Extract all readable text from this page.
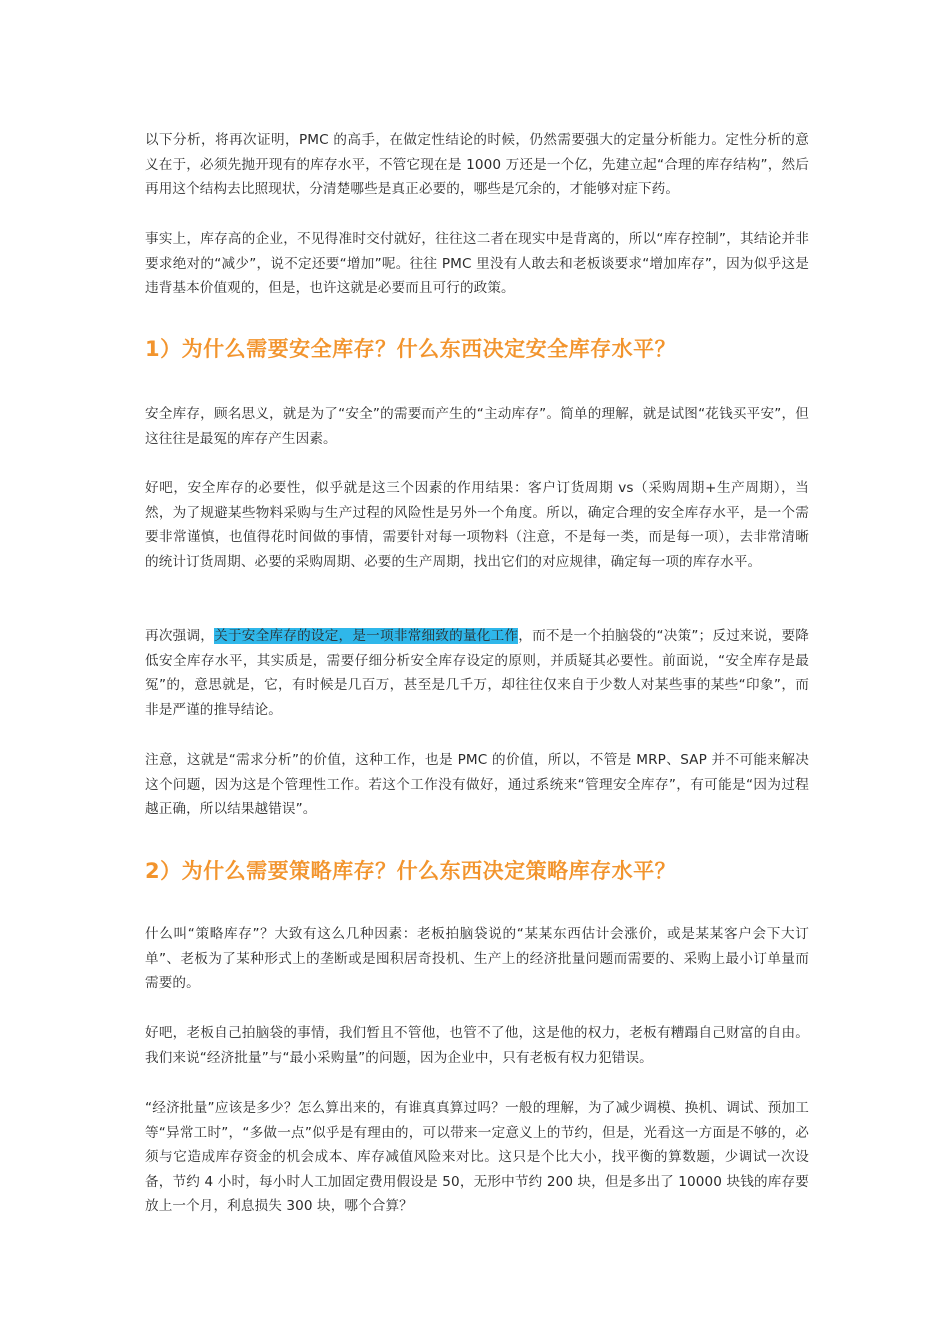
以下分析，将再次证明，PMC 的高手，在做定性结论的时候，仍然需要强大的定量分析能力。定性分析的意义在于，必须先抛开现有的库存水平，不管它现在是 1000 万还是一个亿，先建立起“合理的库存结构”，然后再用这个结构去比照现状，分清楚哪些是真正必要的，哪些是冗余的，才能够对症下药。

事实上，库存高的企业，不见得准时交付就好，往往这二者在现实中是背离的，所以“库存控制”，其结论并非要求绝对的“减少”，说不定还要“增加”呢。往往 PMC 里没有人敢去和老板谈要求“增加库存”，因为似乎这是违背基本价值观的，但是，也许这就是必要而且可行的政策。

1）为什么需要安全库存？什么东西决定安全库存水平？

安全库存，顾名思义，就是为了“安全”的需要而产生的“主动库存”。简单的理解，就是试图“花钱买平安”，但这往往是最冤的库存产生因素。

好吧，安全库存的必要性，似乎就是这三个因素的作用结果：客户订货周期 vs（采购周期+生产周期），当然，为了规避某些物料采购与生产过程的风险性是另外一个角度。所以，确定合理的安全库存水平，是一个需要非常谨慎，也值得花时间做的事情，需要针对每一项物料（注意，不是每一类，而是每一项），去非常清晰的统计订货周期、必要的采购周期、必要的生产周期，找出它们的对应规律，确定每一项的库存水平。

再次强调，关于安全库存的设定，是一项非常细致的量化工作，而不是一个拍脑袋的“决策”；反过来说，要降低安全库存水平，其实质是，需要仔细分析安全库存设定的原则，并质疑其必要性。前面说，“安全库存是最冤”的，意思就是，它，有时候是几百万，甚至是几千万，却往往仅来自于少数人对某些事的某些“印象”，而非是严谨的推导结论。

注意，这就是“需求分析”的价值，这种工作，也是 PMC 的价值，所以，不管是 MRP、SAP 并不可能来解决这个问题，因为这是个管理性工作。若这个工作没有做好，通过系统来“管理安全库存”，有可能是“因为过程越正确，所以结果越错误”。

2）为什么需要策略库存？什么东西决定策略库存水平？

什么叫“策略库存”？大致有这么几种因素：老板拍脑袋说的“某某东西估计会涨价，或是某某客户会下大订单”、老板为了某种形式上的垄断或是囤积居奇投机、生产上的经济批量问题而需要的、采购上最小订单量而需要的。

好吧，老板自己拍脑袋的事情，我们暂且不管他，也管不了他，这是他的权力，老板有糟蹋自己财富的自由。我们来说“经济批量”与“最小采购量”的问题，因为企业中，只有老板有权力犯错误。

“经济批量”应该是多少？怎么算出来的，有谁真真算过吗？一般的理解，为了减少调模、换机、调试、预加工等“异常工时”，“多做一点”似乎是有理由的，可以带来一定意义上的节约，但是，光看这一方面是不够的，必须与它造成库存资金的机会成本、库存减值风险来对比。这只是个比大小，找平衡的算数题，少调试一次设备，节约 4 小时，每小时人工加固定费用假设是 50，无形中节约 200 块，但是多出了 10000 块钱的库存要放上一个月，利息损失 300 块，哪个合算？
